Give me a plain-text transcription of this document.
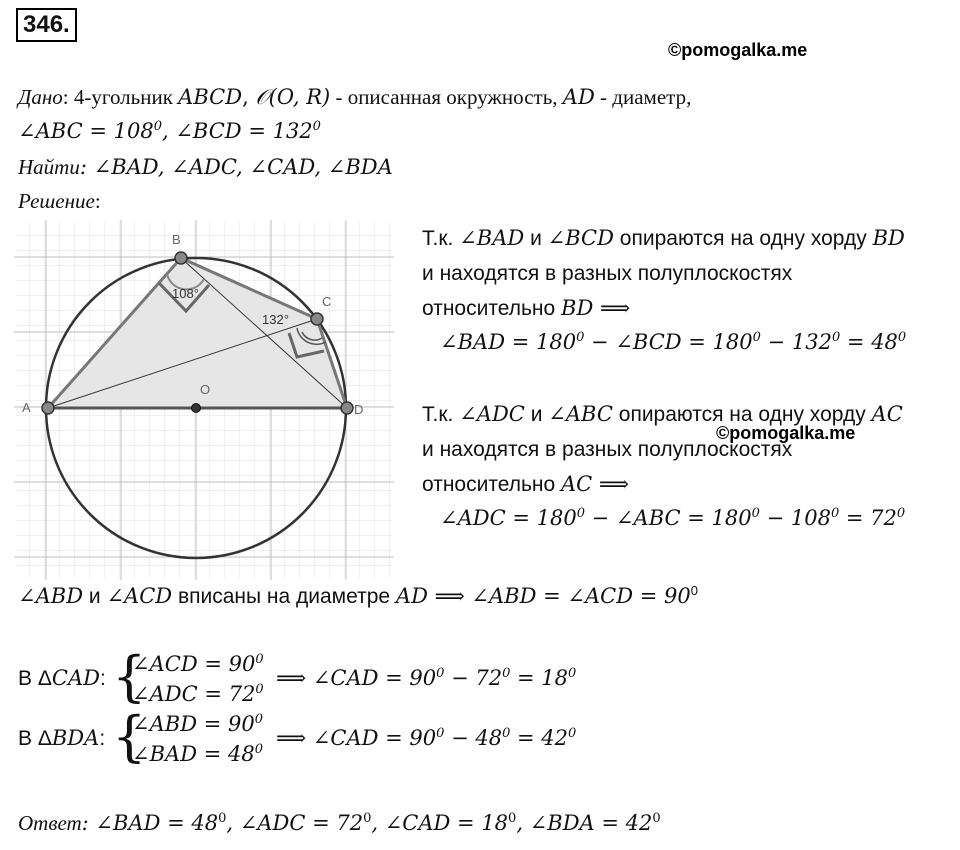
346.
©pomogalka.me
Дано: 4-угольник ABCD, 𝒪(O, R) - описанная окружность, AD - диаметр,
∠ABC = $108^0$, ∠BCD = $132^0$
Найти: ∠BAD, ∠ADC, ∠CAD, ∠BDA
Решение:
A
B
C
D
O
108°
132°
Т.к. ∠BAD и ∠BCD опираются на одну хорду BD
и находятся в разных полуплоскостях
относительно BD ⟹
∠BAD = $180^0$ − ∠BCD = $180^0 - 132^0 = 48^0$
Т.к. ∠ADC и ∠ABC опираются на одну хорду AC
©pomogalka.me
и находятся в разных полуплоскостях
относительно AC ⟹
∠ADC = $180^0$ − ∠ABC = $180^0 - 108^0 = 72^0$
∠ABD и ∠ACD вписаны на диаметре AD ⟹ ∠ABD = ∠ACD = $90^0$
В ΔCAD: {
∠ACD = $90^0$
∠ADC = $72^0$ ⟹ ∠CAD = $90^0 - 72^0 = 18^0$
В ΔBDA: {
∠ABD = $90^0$
∠BAD = $48^0$ ⟹ ∠CAD = $90^0 - 48^0 = 42^0$
Ответ: ∠BAD = $48^0$, ∠ADC = $72^0$, ∠CAD = $18^0$, ∠BDA = $42^0$
